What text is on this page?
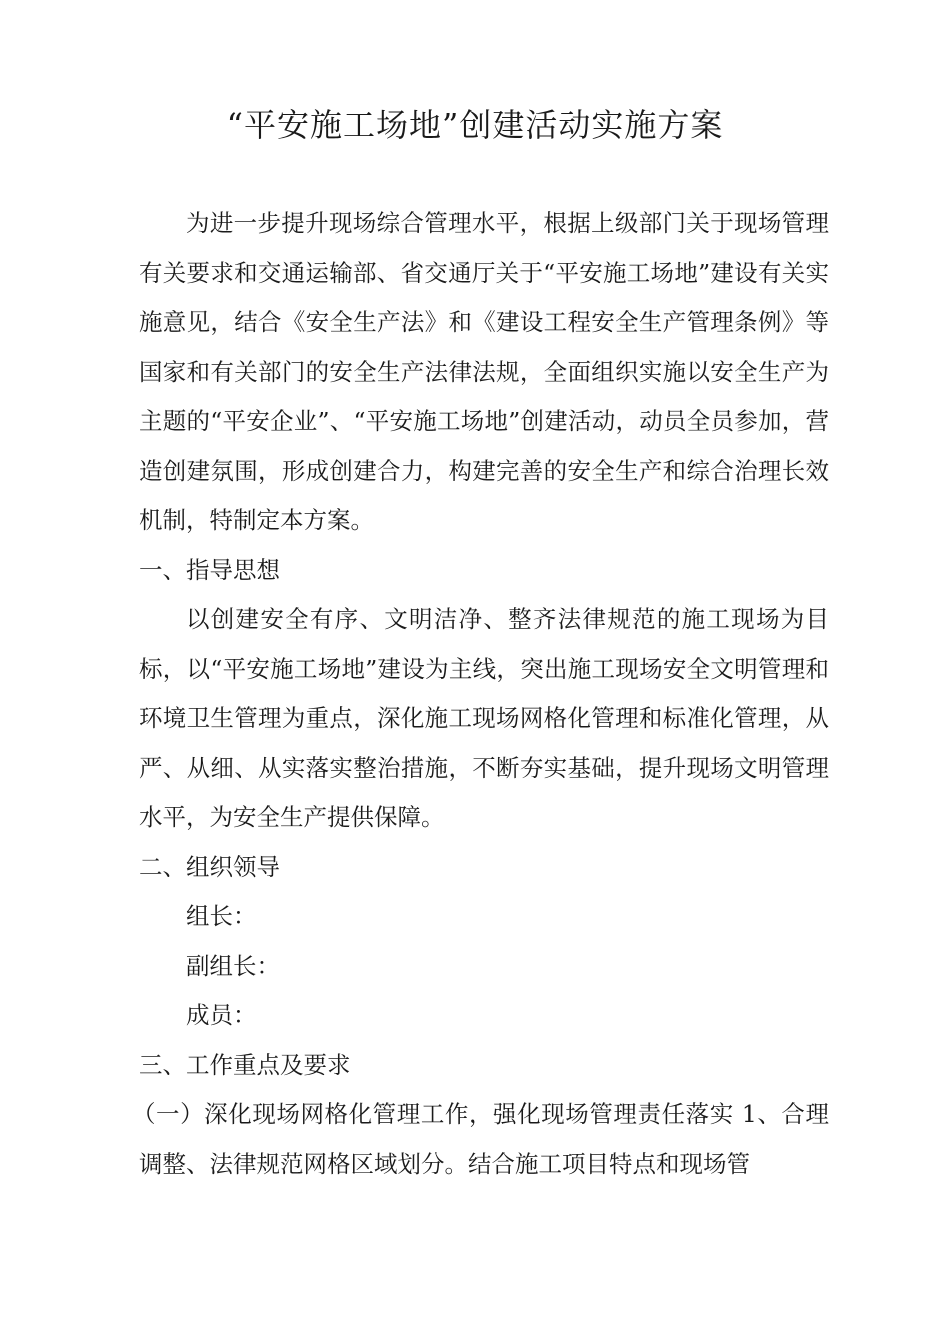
“平安施工场地”创建活动实施方案

为进一步提升现场综合管理水平，根据上级部门关于现场管理有关要求和交通运输部、省交通厅关于“平安施工场地”建设有关实施意见，结合《安全生产法》和《建设工程安全生产管理条例》等国家和有关部门的安全生产法律法规，全面组织实施以安全生产为主题的“平安企业”、“平安施工场地”创建活动，动员全员参加，营造创建氛围，形成创建合力，构建完善的安全生产和综合治理长效机制，特制定本方案。

一、指导思想

以创建安全有序、文明洁净、整齐法律规范的施工现场为目标，以“平安施工场地”建设为主线，突出施工现场安全文明管理和环境卫生管理为重点，深化施工现场网格化管理和标准化管理，从严、从细、从实落实整治措施，不断夯实基础，提升现场文明管理水平，为安全生产提供保障。

二、组织领导

组长：

副组长：

成员：

三、工作重点及要求

（一）深化现场网格化管理工作，强化现场管理责任落实 1、合理调整、法律规范网格区域划分。结合施工项目特点和现场管
